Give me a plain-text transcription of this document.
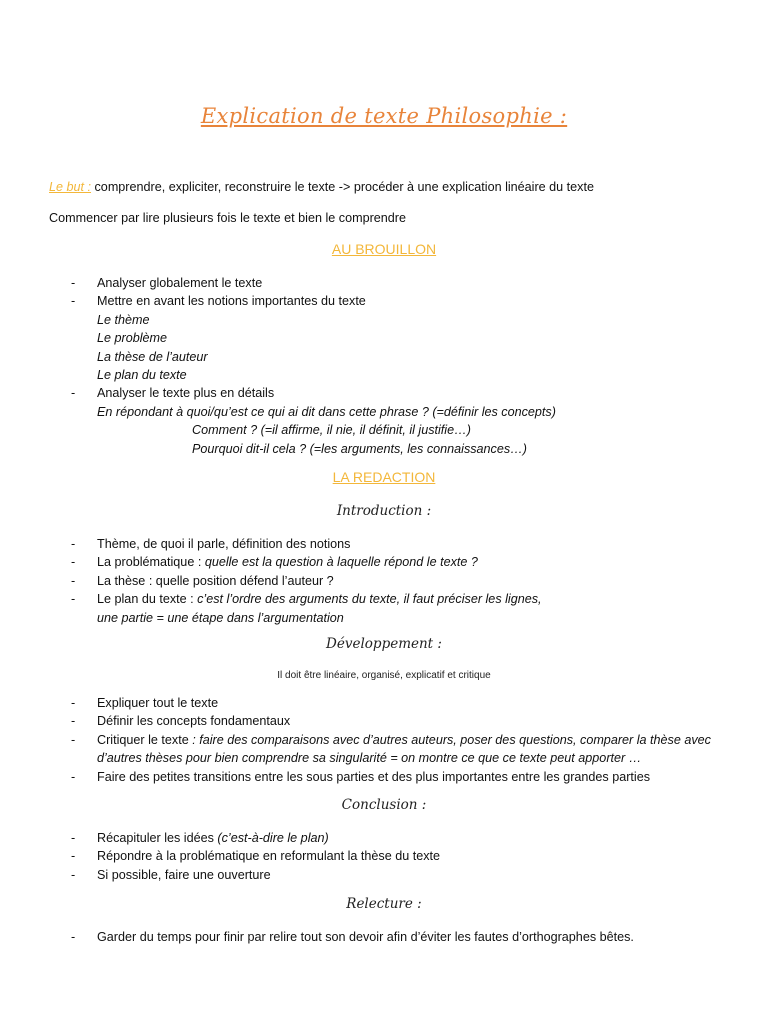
Explication de texte Philosophie :
Le but : comprendre, expliciter, reconstruire le texte -> procéder à une explication linéaire du texte
Commencer par lire plusieurs fois le texte et bien le comprendre
AU BROUILLON
- Analyser globalement le texte
- Mettre en avant les notions importantes du texte
Le thème
Le problème
La thèse de l’auteur
Le plan du texte
- Analyser le texte plus en détails
En répondant à quoi/qu’est ce qui ai dit dans cette phrase ? (=définir les concepts)
Comment ? (=il affirme, il nie, il définit, il justifie…)
Pourquoi dit-il cela ? (=les arguments, les connaissances…)
LA REDACTION
Introduction :
- Thème, de quoi il parle, définition des notions
- La problématique : quelle est la question à laquelle répond le texte ?
- La thèse : quelle position défend l’auteur ?
- Le plan du texte : c’est l’ordre des arguments du texte, il faut préciser les lignes,
une partie = une étape dans l’argumentation
Développement :
Il doit être linéaire, organisé, explicatif et critique
- Expliquer tout le texte
- Définir les concepts fondamentaux
- Critiquer le texte : faire des comparaisons avec d’autres auteurs, poser des questions, comparer la thèse avec
d’autres thèses pour bien comprendre sa singularité = on montre ce que ce texte peut apporter …
- Faire des petites transitions entre les sous parties et des plus importantes entre les grandes parties
Conclusion :
- Récapituler les idées (c’est-à-dire le plan)
- Répondre à la problématique en reformulant la thèse du texte
- Si possible, faire une ouverture
Relecture :
- Garder du temps pour finir par relire tout son devoir afin d’éviter les fautes d’orthographes bêtes.
